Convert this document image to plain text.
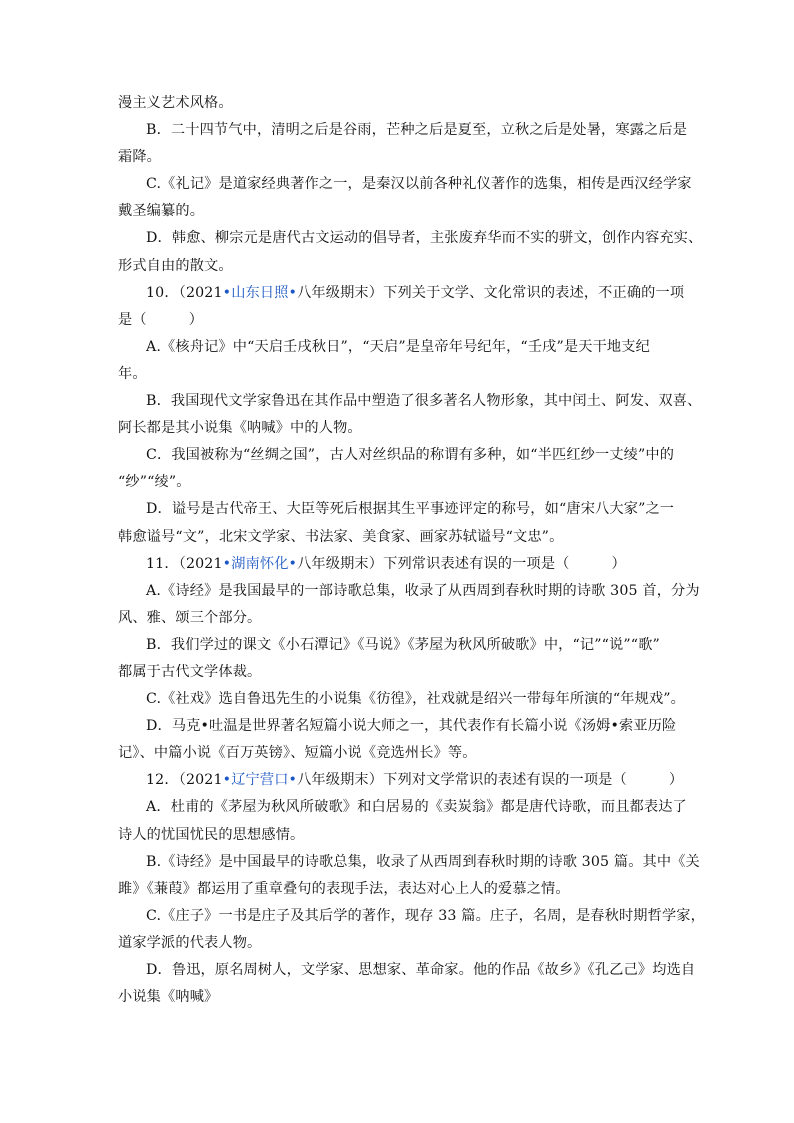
漫主义艺术风格。
B．二十四节气中，清明之后是谷雨，芒种之后是夏至，立秋之后是处暑，寒露之后是
霜降。
C.《礼记》是道家经典著作之一，是秦汉以前各种礼仪著作的选集，相传是西汉经学家
戴圣编纂的。
D．韩愈、柳宗元是唐代古文运动的倡导者，主张废弃华而不实的骈文，创作内容充实、
形式自由的散文。
10．（2021•山东日照•八年级期末）下列关于文学、文化常识的表述，不正确的一项
是（	）
A.《核舟记》中“天启壬戌秋日”，“天启”是皇帝年号纪年，“壬戌”是天干地支纪
年。
B．我国现代文学家鲁迅在其作品中塑造了很多著名人物形象，其中闰土、阿发、双喜、
阿长都是其小说集《呐喊》中的人物。
C．我国被称为“丝绸之国”，古人对丝织品的称谓有多种，如“半匹红纱一丈绫”中的
“纱”“绫”。
D．谥号是古代帝王、大臣等死后根据其生平事迹评定的称号，如“唐宋八大家”之一
韩愈谥号“文”，北宋文学家、书法家、美食家、画家苏轼谥号“文忠”。
11．（2021•湖南怀化•八年级期末）下列常识表述有误的一项是（	）
A.《诗经》是我国最早的一部诗歌总集，收录了从西周到春秋时期的诗歌 305 首，分为
风、雅、颂三个部分。
B．我们学过的课文《小石潭记》《马说》《茅屋为秋风所破歌》中，“记”“说”“歌”
都属于古代文学体裁。
C.《社戏》选自鲁迅先生的小说集《彷徨》，社戏就是绍兴一带每年所演的“年规戏”。
D．马克•吐温是世界著名短篇小说大师之一，其代表作有长篇小说《汤姆•索亚历险
记》、中篇小说《百万英镑》、短篇小说《竞选州长》等。
12．（2021•辽宁营口•八年级期末）下列对文学常识的表述有误的一项是（	）
A．杜甫的《茅屋为秋风所破歌》和白居易的《卖炭翁》都是唐代诗歌，而且都表达了
诗人的忧国忧民的思想感情。
B.《诗经》是中国最早的诗歌总集，收录了从西周到春秋时期的诗歌 305 篇。其中《关
雎》《蒹葭》都运用了重章叠句的表现手法，表达对心上人的爱慕之情。
C.《庄子》一书是庄子及其后学的著作，现存 33 篇。庄子，名周，是春秋时期哲学家，
道家学派的代表人物。
D．鲁迅，原名周树人，文学家、思想家、革命家。他的作品《故乡》《孔乙己》均选自
小说集《呐喊》
